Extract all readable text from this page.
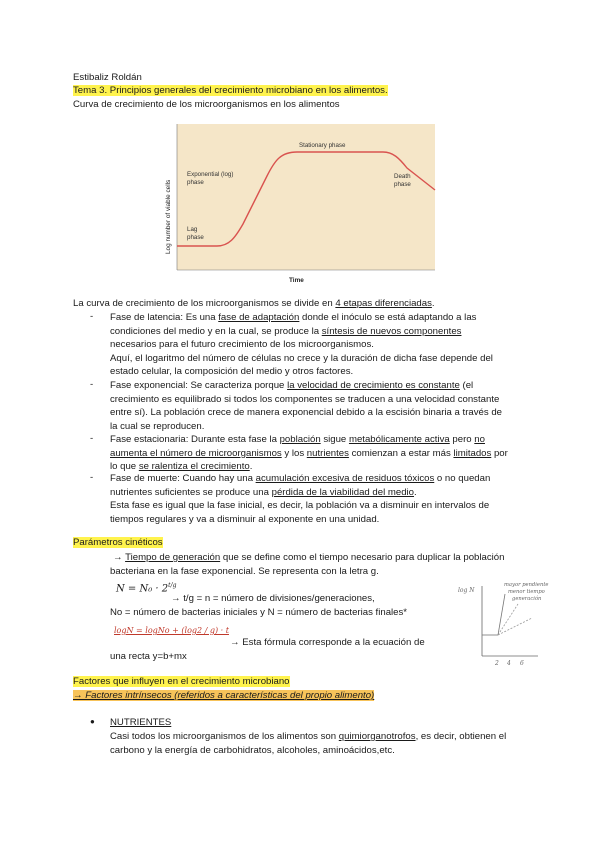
Estibaliz Roldán
Tema 3. Principios generales del crecimiento microbiano en los alimentos.
Curva de crecimiento de los microorganismos en los alimentos
Log number of viable cells
Time
Lag
phase
Exponential (log)
phase
Stationary phase
Death
phase
La curva de crecimiento de los microorganismos se divide en 4 etapas diferenciadas.
- Fase de latencia: Es una fase de adaptación donde el inóculo se está adaptando a las
condiciones del medio y en la cual, se produce la síntesis de nuevos componentes
necesarios para el futuro crecimiento de los microorganismos.
Aquí, el logaritmo del número de células no crece y la duración de dicha fase depende del
estado celular, la composición del medio y otros factores.
- Fase exponencial: Se caracteriza porque la velocidad de crecimiento es constante (el
crecimiento es equilibrado si todos los componentes se traducen a una velocidad constante
entre sí). La población crece de manera exponencial debido a la escisión binaria a través de
la cual se reproducen.
- Fase estacionaria: Durante esta fase la población sigue metabólicamente activa pero no
aumenta el número de microorganismos y los nutrientes comienzan a estar más limitados por
lo que se ralentiza el crecimiento.
- Fase de muerte: Cuando hay una acumulación excesiva de residuos tóxicos o no quedan
nutrientes suficientes se produce una pérdida de la viabilidad del medio.
Esta fase es igual que la fase inicial, es decir, la población va a disminuir en intervalos de
tiempos regulares y va a disminuir al exponente en una unidad.
Parámetros cinéticos
→ Tiempo de generación que se define como el tiempo necesario para duplicar la población
bacteriana en la fase exponencial. Se representa con la letra g.
$N = N_0 \cdot 2^{t/g}$
→ t/g = n = número de divisiones/generaciones,
No = número de bacterias iniciales y N = número de bacterias finales*
logN = logNo + (log2 / g) · t
→ Esta fórmula corresponde a la ecuación de
una recta y=b+mx
log N
mayor pendiente
menor tiempo
generación
2 4 6
Factores que influyen en el crecimiento microbiano
→ Factores intrínsecos (referidos a características del propio alimento)
● NUTRIENTES
Casi todos los microorganismos de los alimentos son quimiorganotrofos, es decir, obtienen el
carbono y la energía de carbohidratos, alcoholes, aminoácidos,etc.
